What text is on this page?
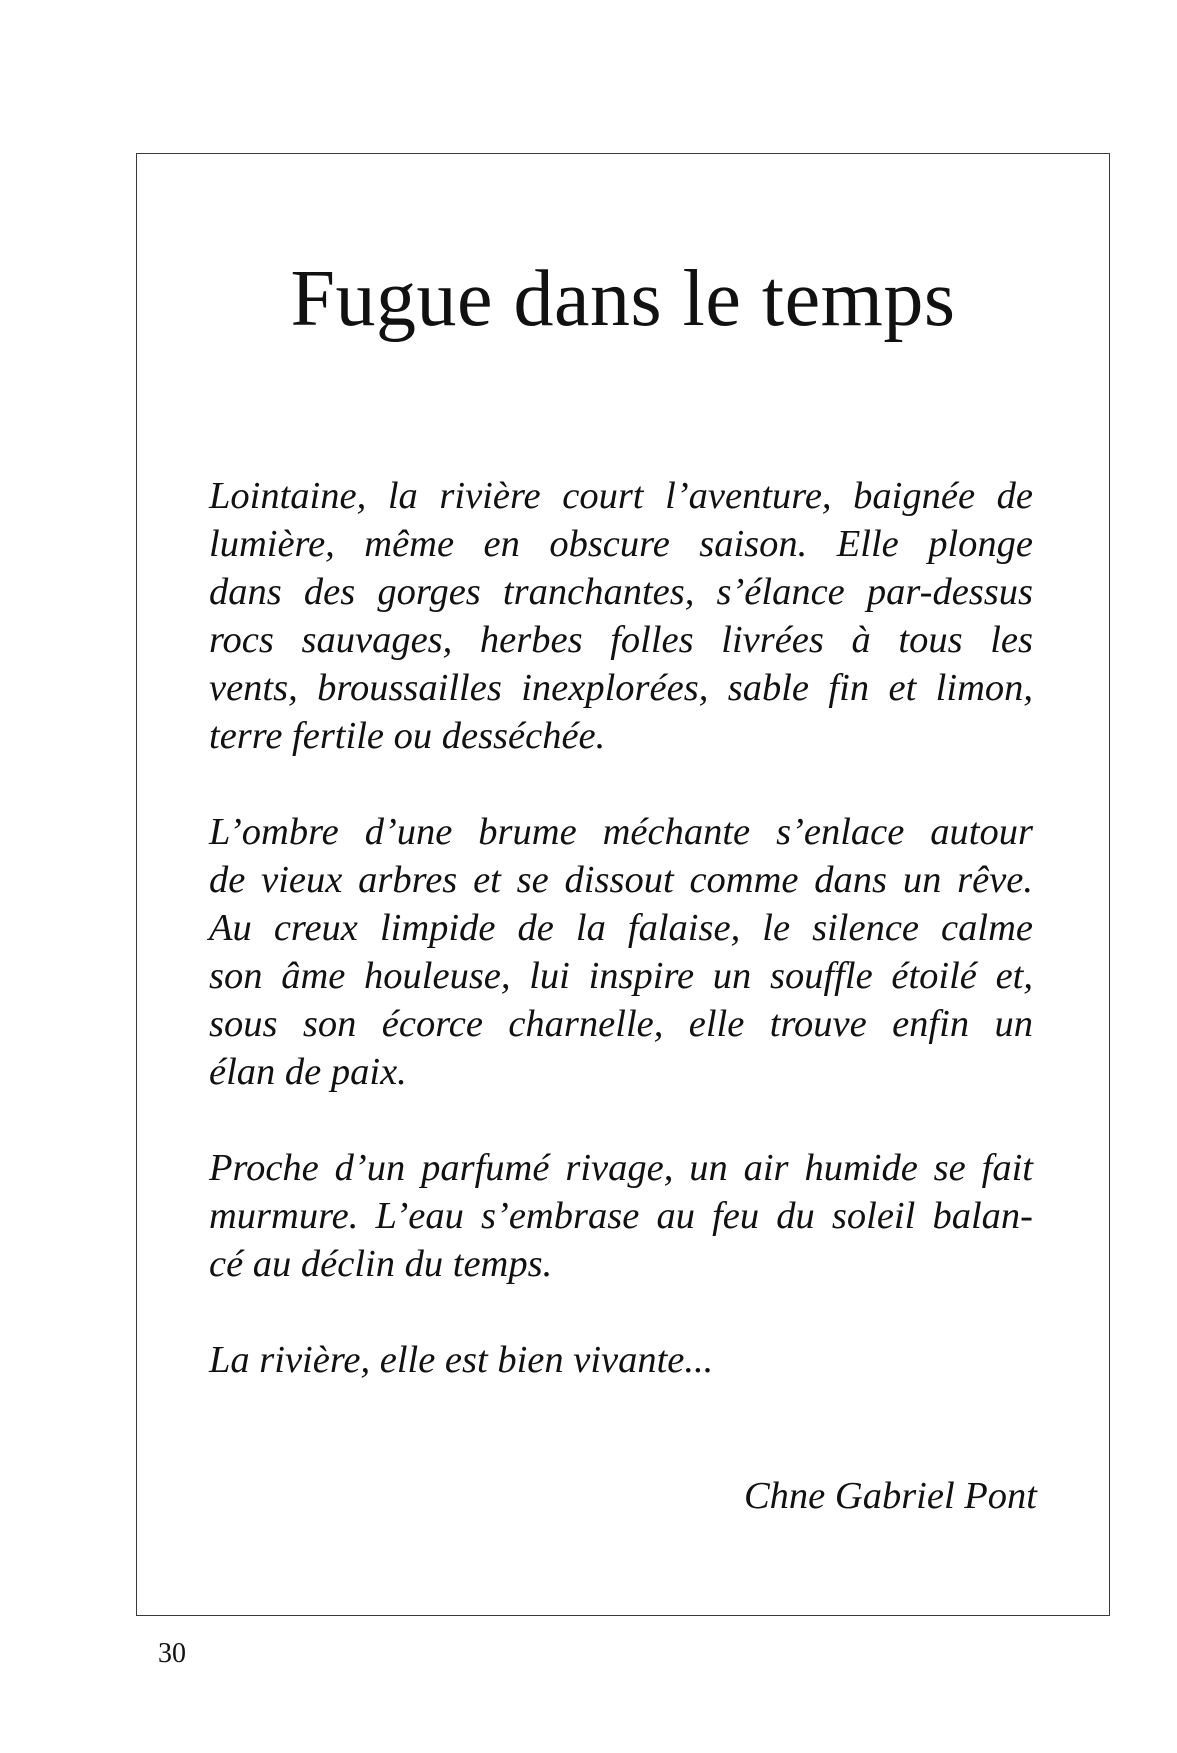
Fugue dans le temps

Lointaine, la rivière court l’aventure, baignée de
lumière, même en obscure saison. Elle plonge
dans des gorges tranchantes, s’élance par-dessus
rocs sauvages, herbes folles livrées à tous les
vents, broussailles inexplorées, sable fin et limon,
terre fertile ou desséchée.

L’ombre d’une brume méchante s’enlace autour
de vieux arbres et se dissout comme dans un rêve.
Au creux limpide de la falaise, le silence calme
son âme houleuse, lui inspire un souffle étoilé et,
sous son écorce charnelle, elle trouve enfin un
élan de paix.

Proche d’un parfumé rivage, un air humide se fait
murmure. L’eau s’embrase au feu du soleil balan-
cé au déclin du temps.

La rivière, elle est bien vivante...

Chne Gabriel Pont
30
